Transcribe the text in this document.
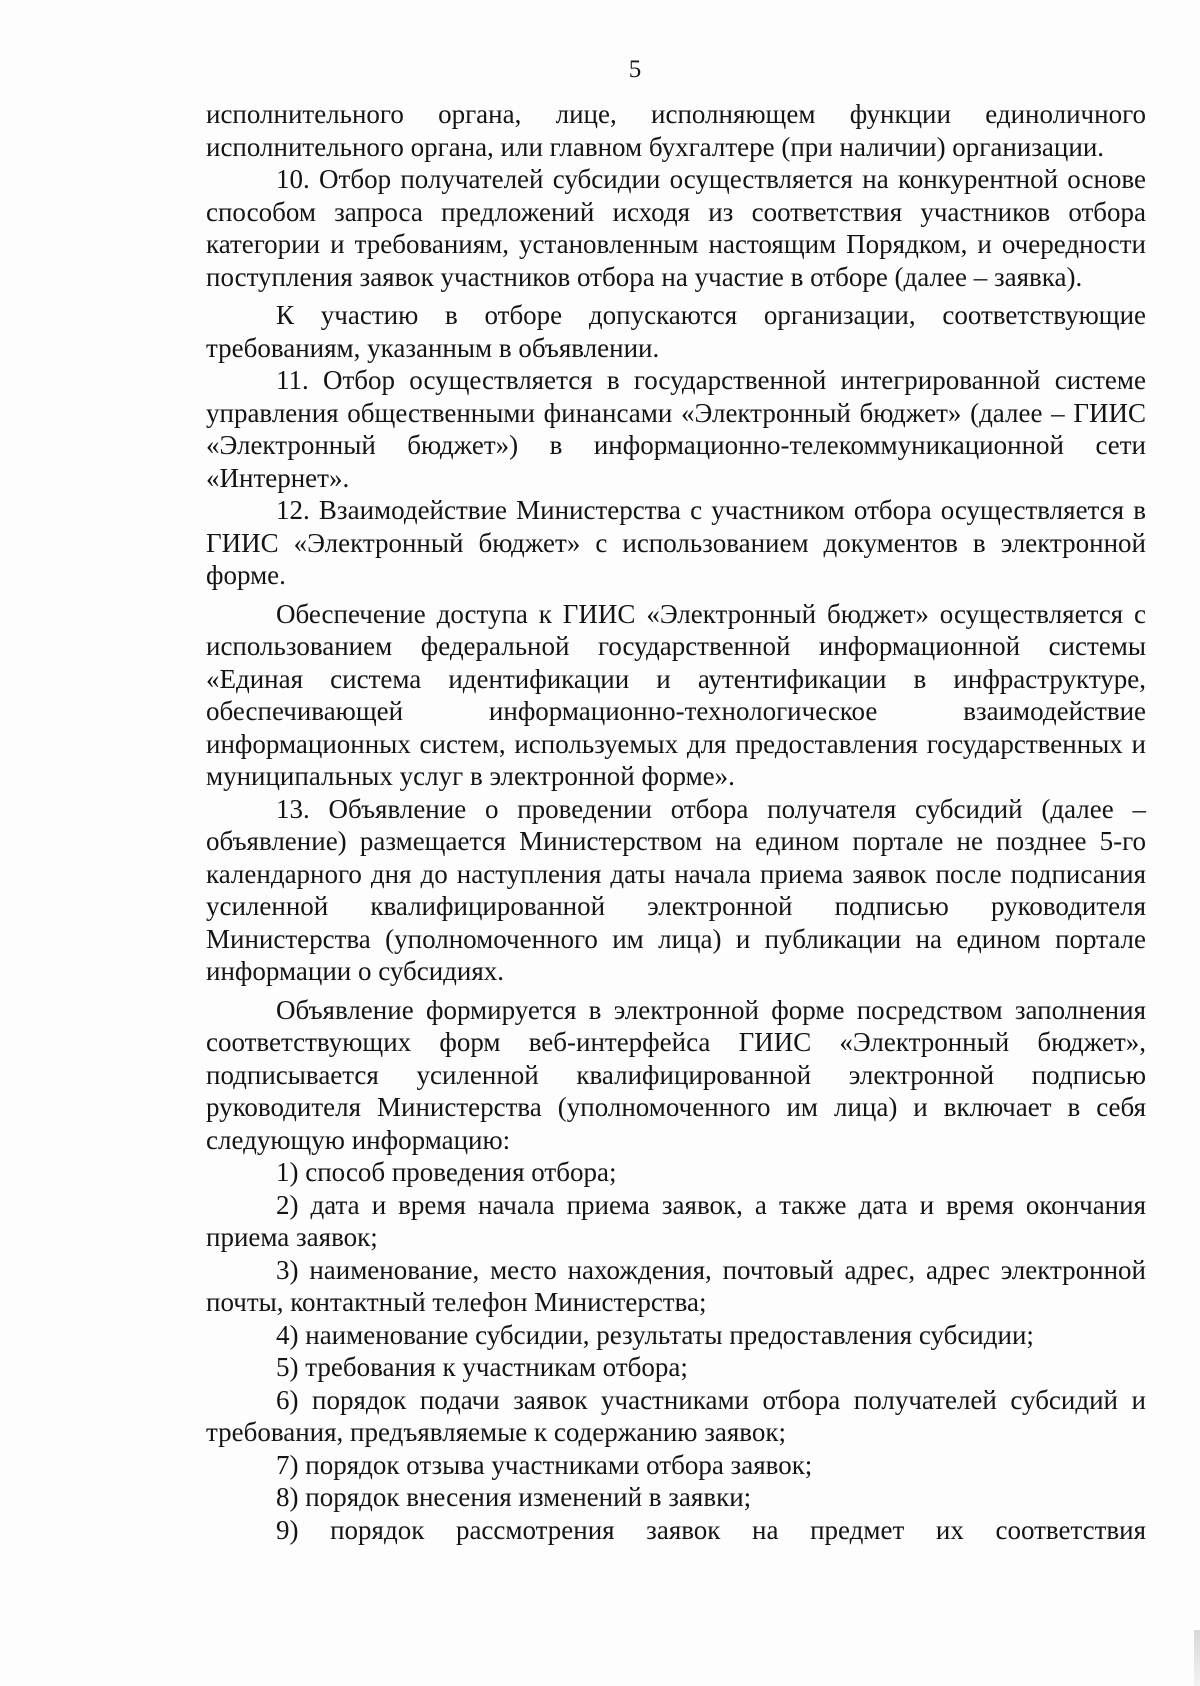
5

исполнительного органа, лице, исполняющем функции единоличного исполнительного органа, или главном бухгалтере (при наличии) организации.

10. Отбор получателей субсидии осуществляется на конкурентной основе способом запроса предложений исходя из соответствия участников отбора категории и требованиям, установленным настоящим Порядком, и очередности поступления заявок участников отбора на участие в отборе (далее – заявка).

К участию в отборе допускаются организации, соответствующие требованиям, указанным в объявлении.

11. Отбор осуществляется в государственной интегрированной системе управления общественными финансами «Электронный бюджет» (далее – ГИИС «Электронный бюджет») в информационно-телекоммуникационной сети «Интернет».

12. Взаимодействие Министерства с участником отбора осуществляется в ГИИС «Электронный бюджет» с использованием документов в электронной форме.

Обеспечение доступа к ГИИС «Электронный бюджет» осуществляется с использованием федеральной государственной информационной системы «Единая система идентификации и аутентификации в инфраструктуре, обеспечивающей информационно-технологическое взаимодействие информационных систем, используемых для предоставления государственных и муниципальных услуг в электронной форме».

13. Объявление о проведении отбора получателя субсидий (далее – объявление) размещается Министерством на едином портале не позднее 5-го календарного дня до наступления даты начала приема заявок после подписания усиленной квалифицированной электронной подписью руководителя Министерства (уполномоченного им лица) и публикации на едином портале информации о субсидиях.

Объявление формируется в электронной форме посредством заполнения соответствующих форм веб-интерфейса ГИИС «Электронный бюджет», подписывается усиленной квалифицированной электронной подписью руководителя Министерства (уполномоченного им лица) и включает в себя следующую информацию:

1) способ проведения отбора;

2) дата и время начала приема заявок, а также дата и время окончания приема заявок;

3) наименование, место нахождения, почтовый адрес, адрес электронной почты, контактный телефон Министерства;

4) наименование субсидии, результаты предоставления субсидии;

5) требования к участникам отбора;

6) порядок подачи заявок участниками отбора получателей субсидий и требования, предъявляемые к содержанию заявок;

7) порядок отзыва участниками отбора заявок;

8) порядок внесения изменений в заявки;

9) порядок рассмотрения заявок на предмет их соответствия
